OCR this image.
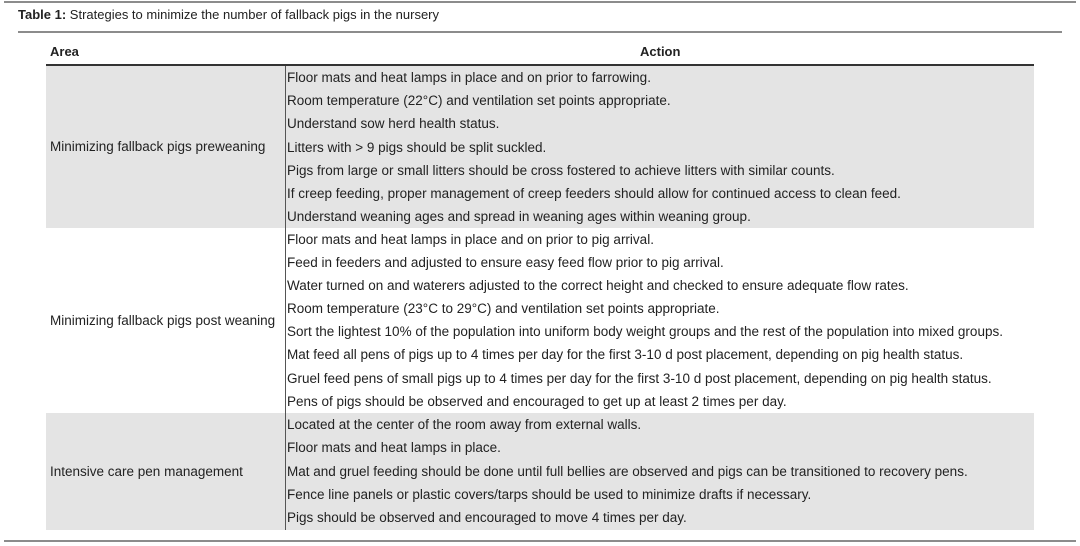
Table 1: Strategies to minimize the number of fallback pigs in the nursery
Area	Action
Minimizing fallback pigs preweaning
Floor mats and heat lamps in place and on prior to farrowing.
Room temperature (22°C) and ventilation set points appropriate.
Understand sow herd health status.
Litters with > 9 pigs should be split suckled.
Pigs from large or small litters should be cross fostered to achieve litters with similar counts.
If creep feeding, proper management of creep feeders should allow for continued access to clean feed.
Understand weaning ages and spread in weaning ages within weaning group.
Minimizing fallback pigs post weaning
Floor mats and heat lamps in place and on prior to pig arrival.
Feed in feeders and adjusted to ensure easy feed flow prior to pig arrival.
Water turned on and waterers adjusted to the correct height and checked to ensure adequate flow rates.
Room temperature (23°C to 29°C) and ventilation set points appropriate.
Sort the lightest 10% of the population into uniform body weight groups and the rest of the population into mixed groups.
Mat feed all pens of pigs up to 4 times per day for the first 3-10 d post placement, depending on pig health status.
Gruel feed pens of small pigs up to 4 times per day for the first 3-10 d post placement, depending on pig health status.
Pens of pigs should be observed and encouraged to get up at least 2 times per day.
Intensive care pen management
Located at the center of the room away from external walls.
Floor mats and heat lamps in place.
Mat and gruel feeding should be done until full bellies are observed and pigs can be transitioned to recovery pens.
Fence line panels or plastic covers/tarps should be used to minimize drafts if necessary.
Pigs should be observed and encouraged to move 4 times per day.
